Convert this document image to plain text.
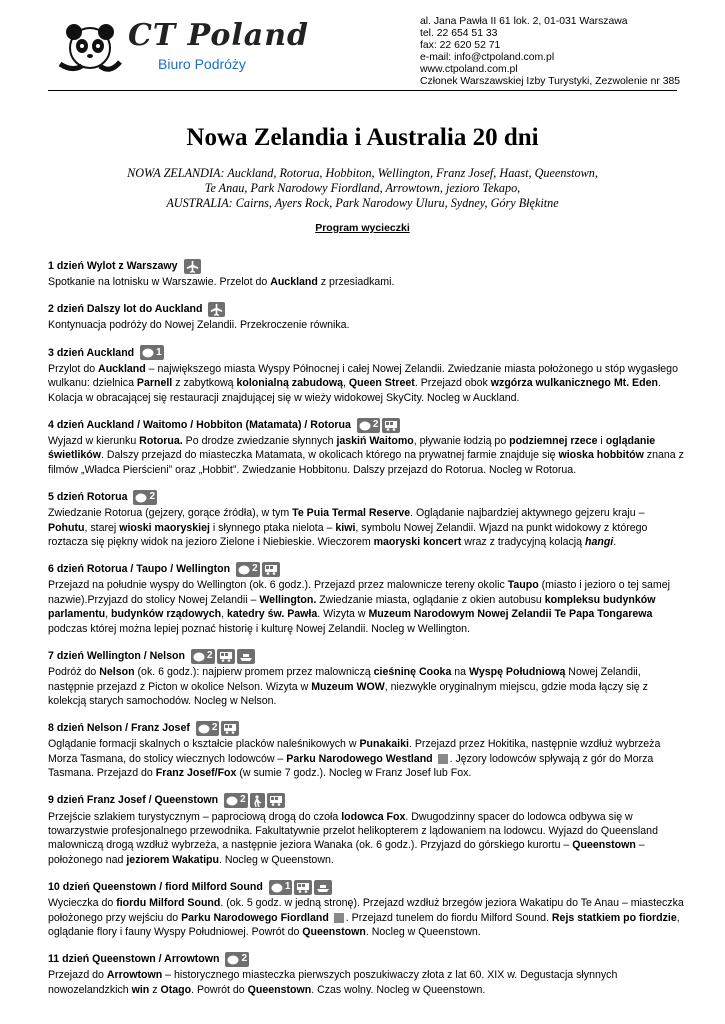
CT Poland
Biuro Podróży
al. Jana Pawła II 61 lok. 2, 01-031 Warszawa
tel. 22 654 51 33
fax: 22 620 52 71
e-mail: info@ctpoland.com.pl
www.ctpoland.com.pl
Członek Warszawskiej Izby Turystyki, Zezwolenie nr 385
Nowa Zelandia i Australia 20 dni
NOWA ZELANDIA: Auckland, Rotorua, Hobbiton, Wellington, Franz Josef, Haast, Queenstown,
Te Anau, Park Narodowy Fiordland, Arrowtown, jezioro Tekapo,
AUSTRALIA: Cairns, Ayers Rock, Park Narodowy Uluru, Sydney, Góry Błękitne
Program wycieczki
1 dzień Wylot z Warszawy
Spotkanie na lotnisku w Warszawie. Przelot do Auckland z przesiadkami.
2 dzień Dalszy lot do Auckland
Kontynuacja podróży do Nowej Zelandii. Przekroczenie równika.
3 dzień Auckland 1
Przylot do Auckland – największego miasta Wyspy Północnej i całej Nowej Zelandii. Zwiedzanie miasta położonego u stóp wygasłego wulkanu: dzielnica Parnell z zabytkową kolonialną zabudową, Queen Street. Przejazd obok wzgórza wulkanicznego Mt. Eden. Kolacja w obracającej się restauracji znajdującej się w wieży widokowej SkyCity. Nocleg w Auckland.
4 dzień Auckland / Waitomo / Hobbiton (Matamata) / Rotorua 2
Wyjazd w kierunku Rotorua. Po drodze zwiedzanie słynnych jaskiń Waitomo, pływanie łodzią po podziemnej rzece i oglądanie świetlików. Dalszy przejazd do miasteczka Matamata, w okolicach którego na prywatnej farmie znajduje się wioska hobbitów znana z filmów „Władca Pierścieni” oraz „Hobbit”. Zwiedzanie Hobbitonu. Dalszy przejazd do Rotorua. Nocleg w Rotorua.
5 dzień Rotorua 2
Zwiedzanie Rotorua (gejzery, gorące źródła), w tym Te Puia Termal Reserve. Oglądanie najbardziej aktywnego gejzeru kraju – Pohutu, starej wioski maoryskiej i słynnego ptaka nielota – kiwi, symbolu Nowej Zelandii. Wjazd na punkt widokowy z którego roztacza się piękny widok na jezioro Zielone i Niebieskie. Wieczorem maoryski koncert wraz z tradycyjną kolacją hangi.
6 dzień Rotorua / Taupo / Wellington 2
Przejazd na południe wyspy do Wellington (ok. 6 godz.). Przejazd przez malownicze tereny okolic Taupo (miasto i jezioro o tej samej nazwie).Przyjazd do stolicy Nowej Zelandii – Wellington. Zwiedzanie miasta, oglądanie z okien autobusu kompleksu budynków parlamentu, budynków rządowych, katedry św. Pawła. Wizyta w Muzeum Narodowym Nowej Zelandii Te Papa Tongarewa podczas której można lepiej poznać historię i kulturę Nowej Zelandii. Nocleg w Wellington.
7 dzień Wellington / Nelson 2
Podróż do Nelson (ok. 6 godz.): najpierw promem przez malowniczą cieśninę Cooka na Wyspę Południową Nowej Zelandii, następnie przejazd z Picton w okolice Nelson. Wizyta w Muzeum WOW, niezwykle oryginalnym miejscu, gdzie moda łączy się z kolekcją starych samochodów. Nocleg w Nelson.
8 dzień Nelson / Franz Josef 2
Oglądanie formacji skalnych o kształcie placków naleśnikowych w Punakaiki. Przejazd przez Hokitika, następnie wzdłuż wybrzeża Morza Tasmana, do stolicy wiecznych lodowców – Parku Narodowego Westland . Jęzory lodowców spływają z gór do Morza Tasmana. Przejazd do Franz Josef/Fox (w sumie 7 godz.). Nocleg w Franz Josef lub Fox.
9 dzień Franz Josef / Queenstown 2
Przejście szlakiem turystycznym – paprociową drogą do czoła lodowca Fox. Dwugodzinny spacer do lodowca odbywa się w towarzystwie profesjonalnego przewodnika. Fakultatywnie przelot helikopterem z lądowaniem na lodowcu. Wyjazd do Queensland malowniczą drogą wzdłuż wybrzeża, a następnie jeziora Wanaka (ok. 6 godz.). Przyjazd do górskiego kurortu – Queenstown – położonego nad jeziorem Wakatipu. Nocleg w Queenstown.
10 dzień Queenstown / fiord Milford Sound 1
Wycieczka do fiordu Milford Sound. (ok. 5 godz. w jedną stronę). Przejazd wzdłuż brzegów jeziora Wakatipu do Te Anau – miasteczka położonego przy wejściu do Parku Narodowego Fiordland . Przejazd tunelem do fiordu Milford Sound. Rejs statkiem po fiordzie, oglądanie flory i fauny Wyspy Południowej. Powrót do Queenstown. Nocleg w Queenstown.
11 dzień Queenstown / Arrowtown 2
Przejazd do Arrowtown – historycznego miasteczka pierwszych poszukiwaczy złota z lat 60. XIX w. Degustacja słynnych nowozelandzkich win z Otago. Powrót do Queenstown. Czas wolny. Nocleg w Queenstown.
